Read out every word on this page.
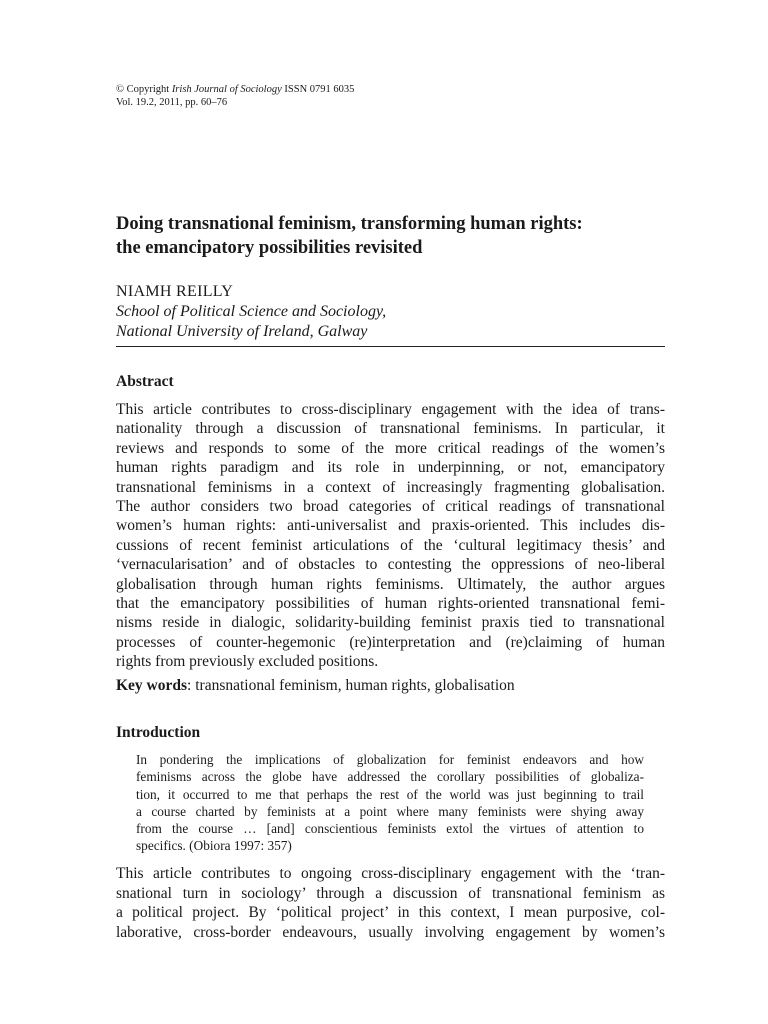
© Copyright Irish Journal of Sociology ISSN 0791 6035
Vol. 19.2, 2011, pp. 60–76
Doing transnational feminism, transforming human rights:
the emancipatory possibilities revisited
NIAMH REILLY
School of Political Science and Sociology,
National University of Ireland, Galway
Abstract
This article contributes to cross-disciplinary engagement with the idea of trans-
nationality through a discussion of transnational feminisms. In particular, it
reviews and responds to some of the more critical readings of the women’s
human rights paradigm and its role in underpinning, or not, emancipatory
transnational feminisms in a context of increasingly fragmenting globalisation.
The author considers two broad categories of critical readings of transnational
women’s human rights: anti-universalist and praxis-oriented. This includes dis-
cussions of recent feminist articulations of the ‘cultural legitimacy thesis’ and
‘vernacularisation’ and of obstacles to contesting the oppressions of neo-liberal
globalisation through human rights feminisms. Ultimately, the author argues
that the emancipatory possibilities of human rights-oriented transnational femi-
nisms reside in dialogic, solidarity-building feminist praxis tied to transnational
processes of counter-hegemonic (re)interpretation and (re)claiming of human
rights from previously excluded positions.
Key words: transnational feminism, human rights, globalisation
Introduction
In pondering the implications of globalization for feminist endeavors and how
feminisms across the globe have addressed the corollary possibilities of globaliza-
tion, it occurred to me that perhaps the rest of the world was just beginning to trail
a course charted by feminists at a point where many feminists were shying away
from the course … [and] conscientious feminists extol the virtues of attention to
specifics. (Obiora 1997: 357)
This article contributes to ongoing cross-disciplinary engagement with the ‘tran-
snational turn in sociology’ through a discussion of transnational feminism as
a political project. By ‘political project’ in this context, I mean purposive, col-
laborative, cross-border endeavours, usually involving engagement by women’s
